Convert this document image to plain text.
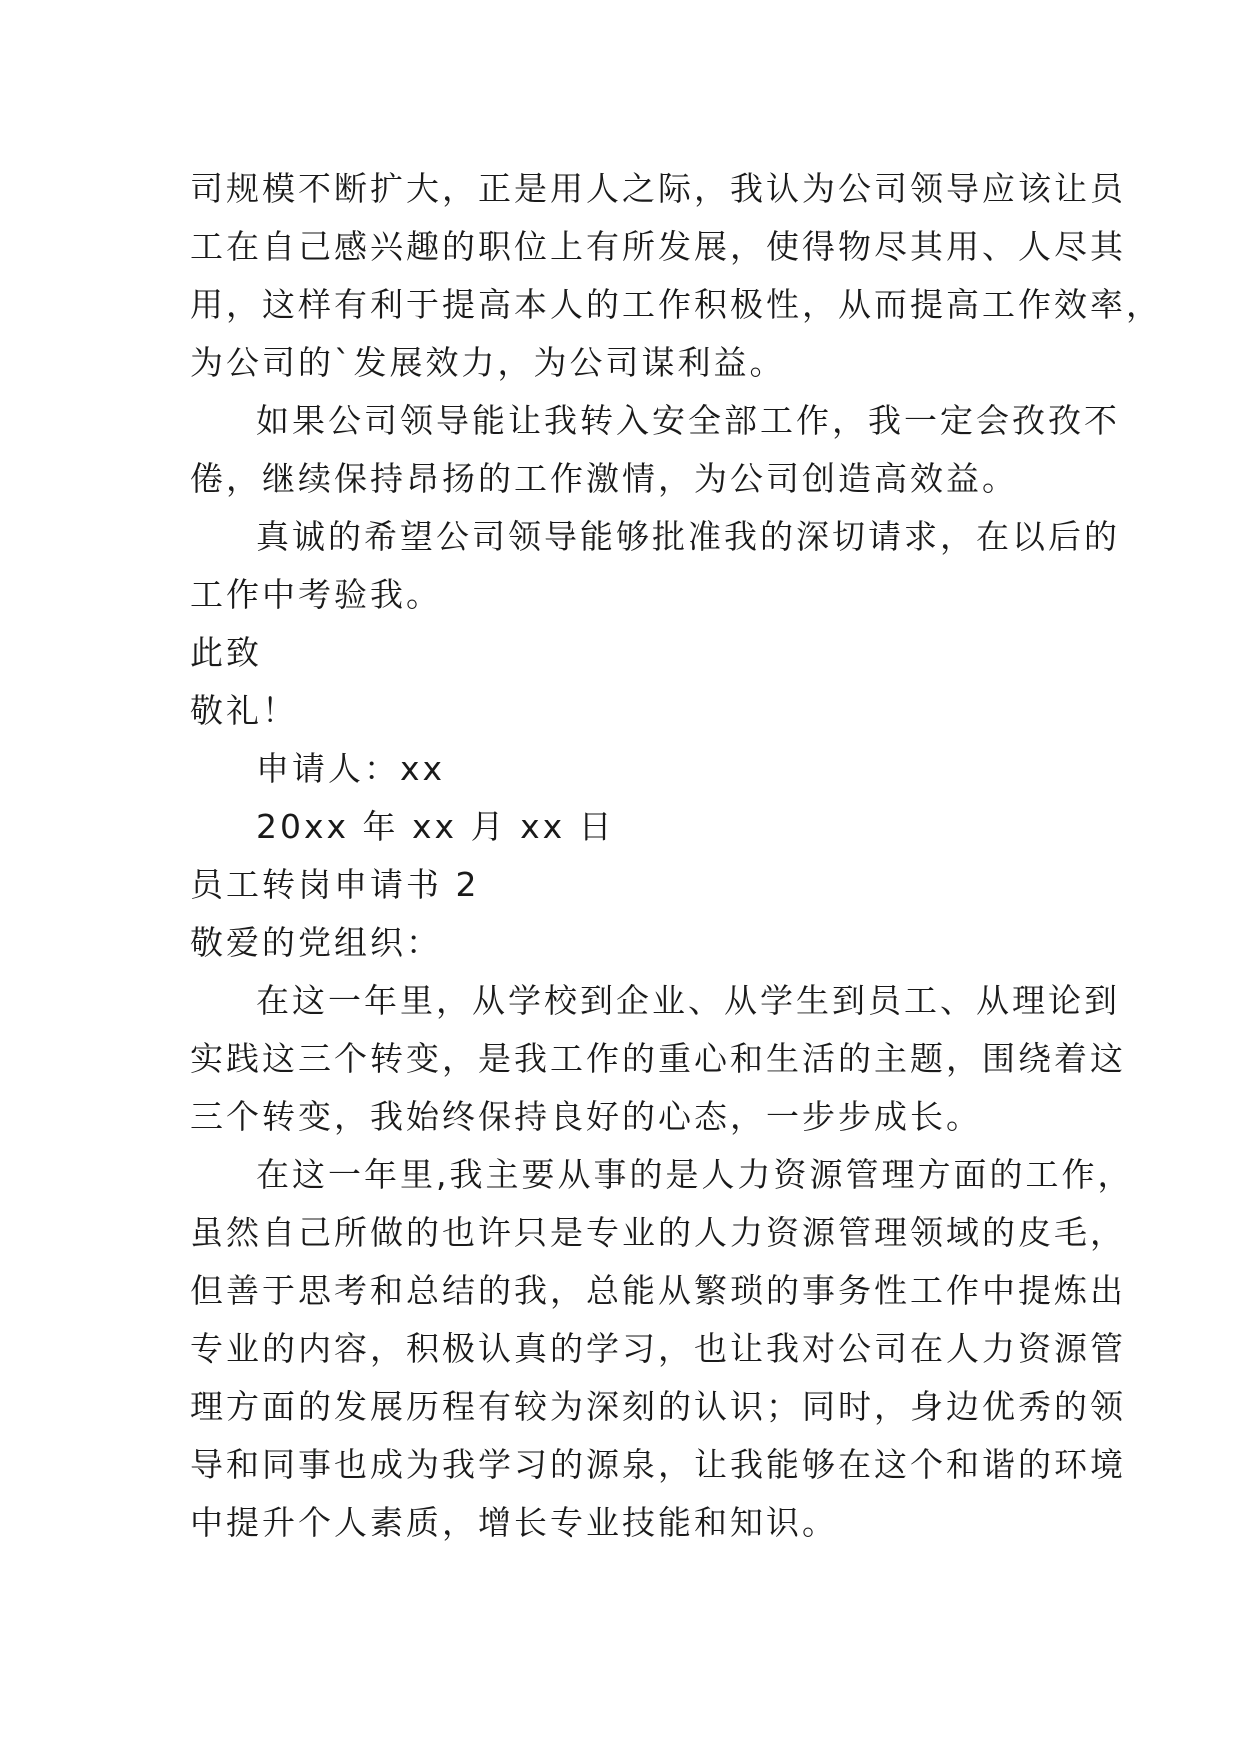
司规模不断扩大，正是用人之际，我认为公司领导应该让员
工在自己感兴趣的职位上有所发展，使得物尽其用、人尽其
用，这样有利于提高本人的工作积极性，从而提高工作效率，
为公司的`发展效力，为公司谋利益。
如果公司领导能让我转入安全部工作，我一定会孜孜不
倦，继续保持昂扬的工作激情，为公司创造高效益。
真诚的希望公司领导能够批准我的深切请求，在以后的
工作中考验我。
此致
敬礼！
申请人：xx
20xx 年 xx 月 xx 日
员工转岗申请书 2
敬爱的党组织：
在这一年里，从学校到企业、从学生到员工、从理论到
实践这三个转变，是我工作的重心和生活的主题，围绕着这
三个转变，我始终保持良好的心态，一步步成长。
在这一年里,我主要从事的是人力资源管理方面的工作，
虽然自己所做的也许只是专业的人力资源管理领域的皮毛，
但善于思考和总结的我，总能从繁琐的事务性工作中提炼出
专业的内容，积极认真的学习，也让我对公司在人力资源管
理方面的发展历程有较为深刻的认识；同时，身边优秀的领
导和同事也成为我学习的源泉，让我能够在这个和谐的环境
中提升个人素质，增长专业技能和知识。
